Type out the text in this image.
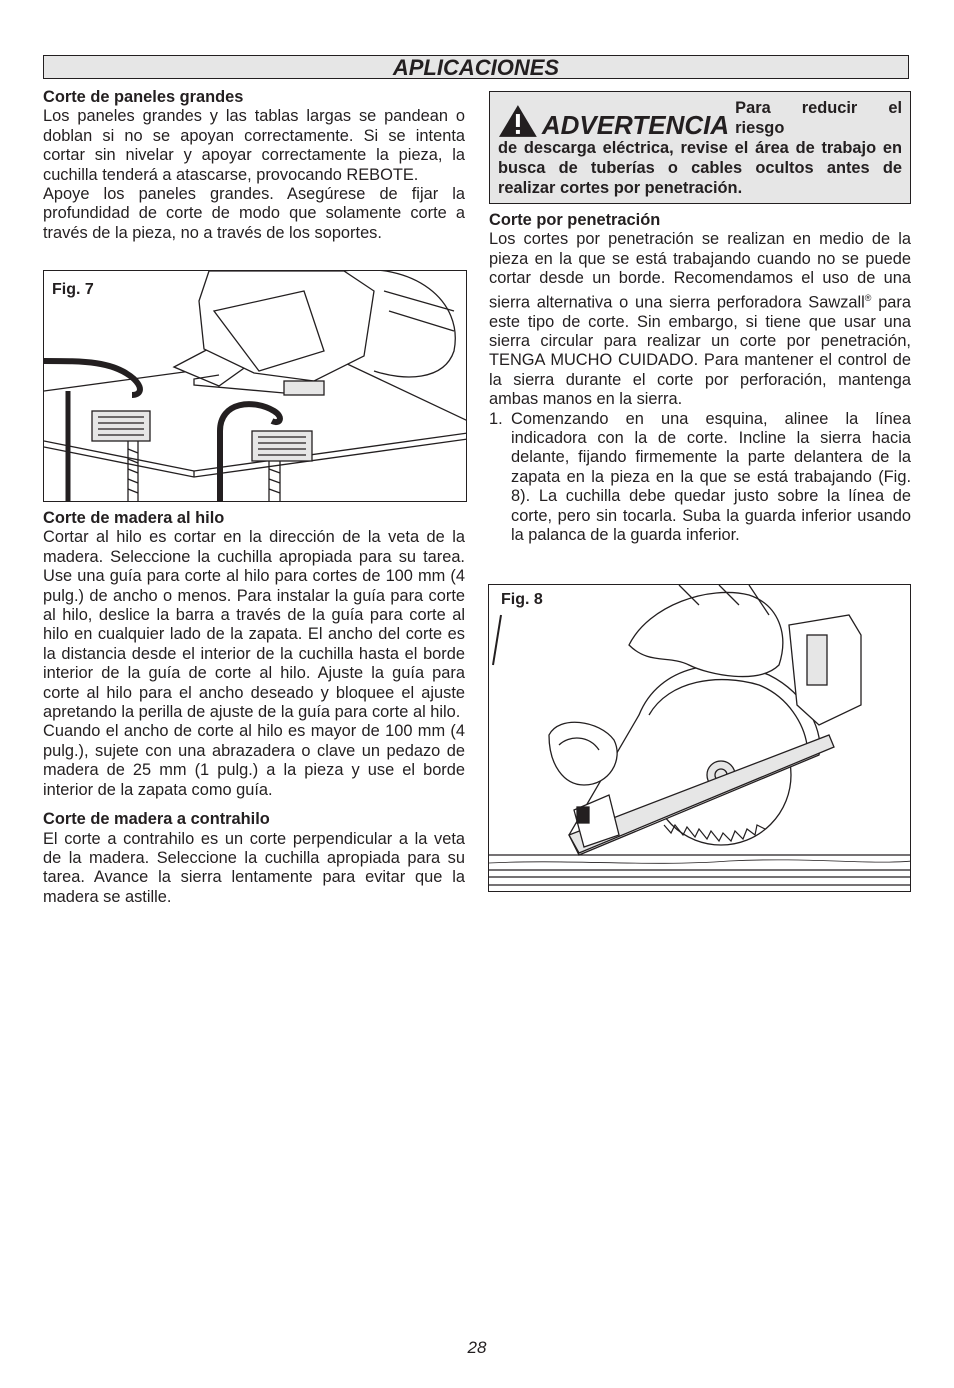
APLICACIONES

Corte de paneles grandes

Los paneles grandes y las tablas largas se pandean o doblan si no se apoyan correctamente. Si se intenta cortar sin nivelar y apoyar correctamente la pieza, la cuchilla tenderá a atascarse, provocando REBOTE.

Apoye los paneles grandes. Asegúrese de fijar la profundidad de corte de modo que solamente corte a través de la pieza, no a través de los soportes.

Fig. 7

Corte de madera al hilo

Cortar al hilo es cortar en la dirección de la veta de la madera. Seleccione la cuchilla apropiada para su tarea. Use una guía para corte al hilo para cortes de 100 mm (4 pulg.) de ancho o menos. Para instalar la guía para corte al hilo, deslice la barra a través de la guía para corte al hilo en cualquier lado de la zapata. El ancho del corte es la distancia desde el interior de la cuchilla hasta el borde interior de la guía de corte al hilo. Ajuste la guía para corte al hilo para el ancho deseado y bloquee el ajuste apretando la perilla de ajuste de la guía para corte al hilo.

Cuando el ancho de corte al hilo es mayor de 100 mm (4 pulg.), sujete con una abrazadera o clave un pedazo de madera de 25 mm (1 pulg.) a la pieza y use el borde interior de la zapata como guía.

Corte de madera a contrahilo

El corte a contrahilo es un corte perpendicular a la veta de la madera. Seleccione la cuchilla apropiada para su tarea. Avance la sierra lentamente para evitar que la madera se astille.

ADVERTENCIA
Para reducir el riesgo
de descarga eléctrica, revise el área de trabajo en busca de tuberías o cables ocultos antes de realizar cortes por penetración.

Corte por penetración

Los cortes por penetración se realizan en medio de la pieza en la que se está trabajando cuando no se puede cortar desde un borde. Recomendamos el uso de una sierra alternativa o una sierra perforadora Sawzall® para este tipo de corte. Sin embargo, si tiene que usar una sierra circular para realizar un corte por penetración, TENGA MUCHO CUIDADO. Para mantener el control de la sierra durante el corte por perforación, mantenga ambas manos en la sierra.

1. Comenzando en una esquina, alinee la línea indicadora con la de corte. Incline la sierra hacia delante, fijando firmemente la parte delantera de la zapata en la pieza en la que se está trabajando (Fig. 8). La cuchilla debe quedar justo sobre la línea de corte, pero sin tocarla. Suba la guarda inferior usando la palanca de la guarda inferior.
Fig. 8
28
